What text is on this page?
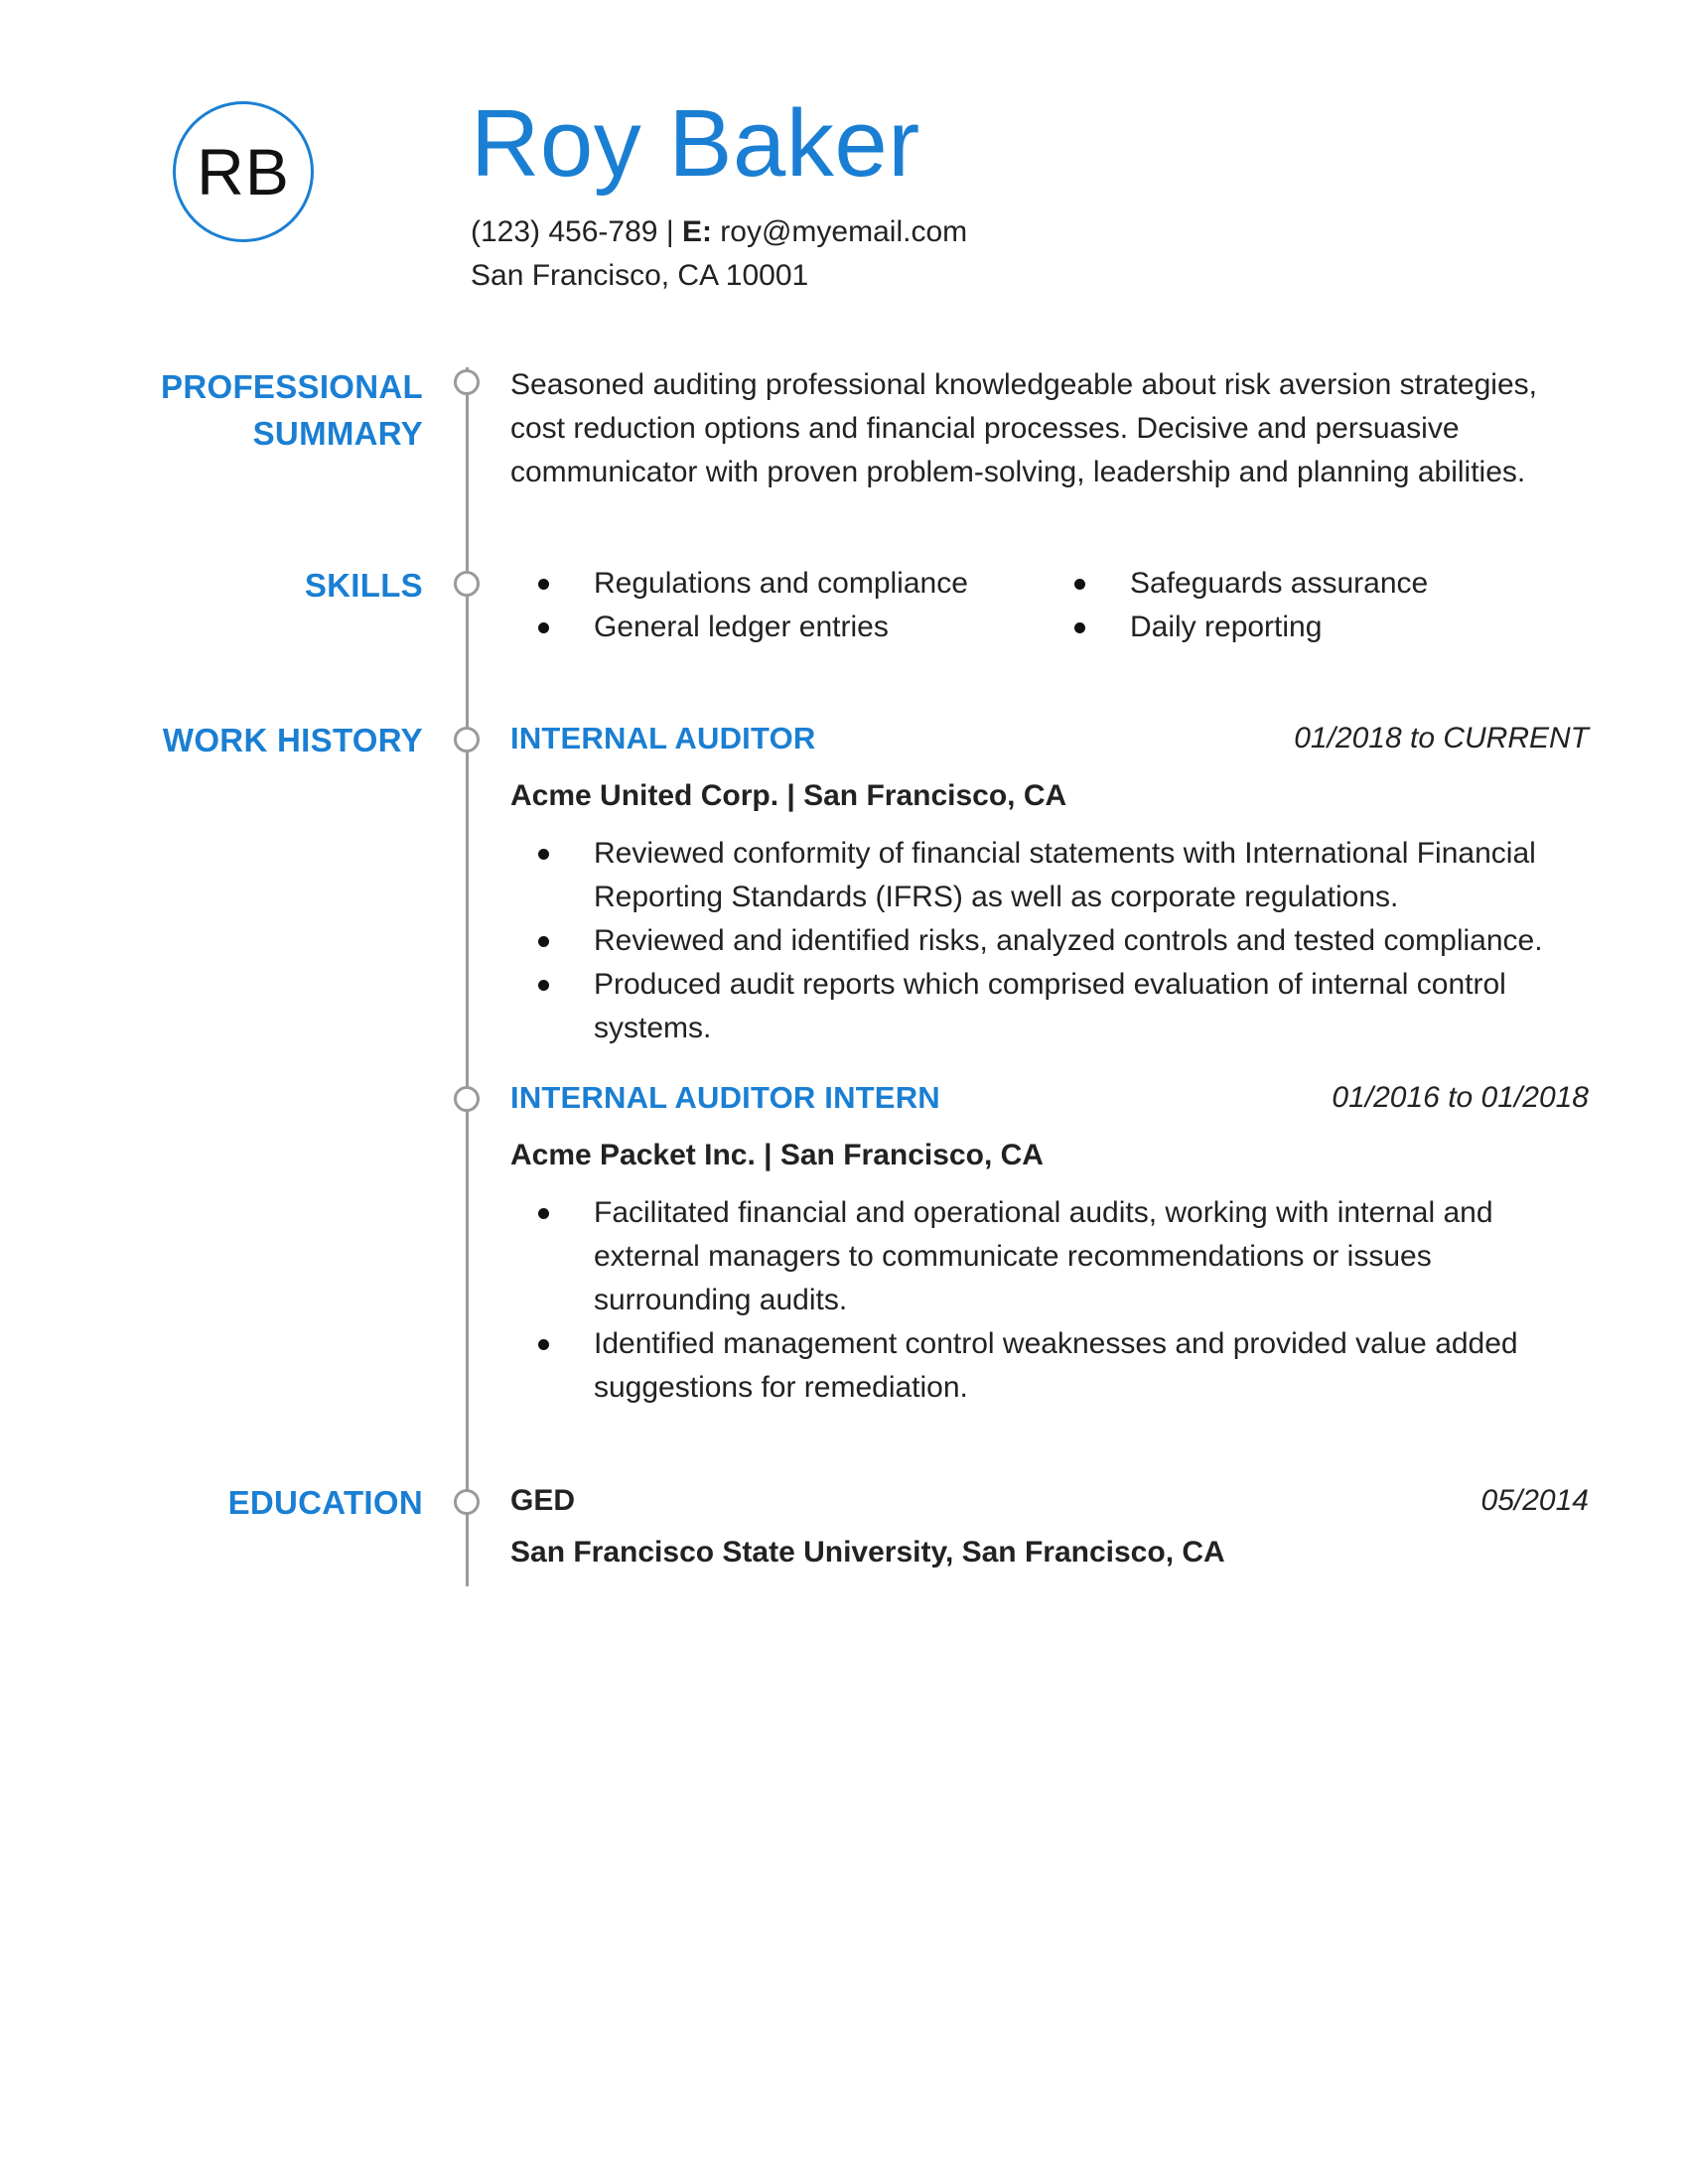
RB Roy Baker
(123) 456-789 | E: roy@myemail.com
San Francisco, CA 10001
PROFESSIONAL
SUMMARY
SKILLS
WORK HISTORY
EDUCATION
Seasoned auditing professional knowledgeable about risk aversion strategies,
cost reduction options and financial processes. Decisive and persuasive
communicator with proven problem-solving, leadership and planning abilities.
Regulations and compliance	Safeguards assurance
General ledger entries	Daily reporting
INTERNAL AUDITOR	01/2018 to CURRENT
Acme United Corp. | San Francisco, CA
Reviewed conformity of financial statements with International Financial
Reporting Standards (IFRS) as well as corporate regulations.
Reviewed and identified risks, analyzed controls and tested compliance.
Produced audit reports which comprised evaluation of internal control
systems.
INTERNAL AUDITOR INTERN	01/2016 to 01/2018
Acme Packet Inc. | San Francisco, CA
Facilitated financial and operational audits, working with internal and
external managers to communicate recommendations or issues
surrounding audits.
Identified management control weaknesses and provided value added
suggestions for remediation.
GED	05/2014
San Francisco State University, San Francisco, CA
